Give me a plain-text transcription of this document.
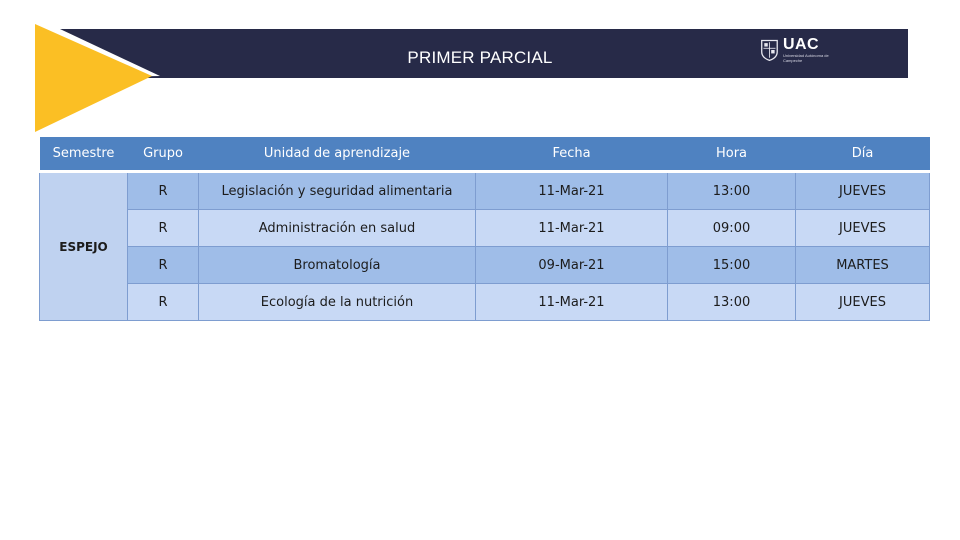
PRIMER PARCIAL
UAC
Universidad Autónoma de Campeche
Semestre	Grupo	Unidad de aprendizaje	Fecha	Hora	Día
ESPEJO	R	Legislación y seguridad alimentaria	11-Mar-21	13:00	JUEVES
	R	Administración en salud	11-Mar-21	09:00	JUEVES
	R	Bromatología	09-Mar-21	15:00	MARTES
	R	Ecología de la nutrición	11-Mar-21	13:00	JUEVES
